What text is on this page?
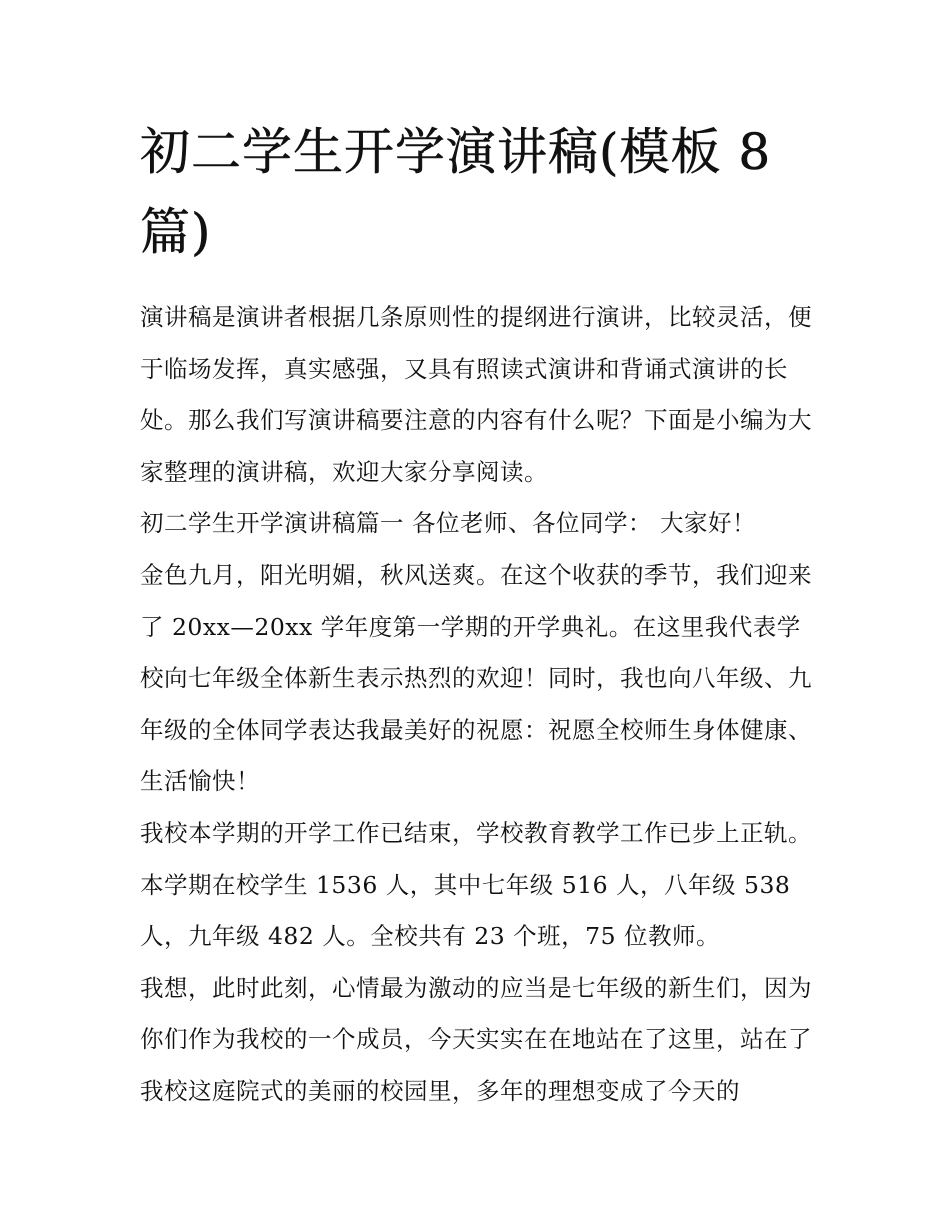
初二学生开学演讲稿(模板 8 篇)

演讲稿是演讲者根据几条原则性的提纲进行演讲，比较灵活，便于临场发挥，真实感强，又具有照读式演讲和背诵式演讲的长处。那么我们写演讲稿要注意的内容有什么呢？下面是小编为大家整理的演讲稿，欢迎大家分享阅读。

初二学生开学演讲稿篇一 各位老师、各位同学： 大家好！

金色九月，阳光明媚，秋风送爽。在这个收获的季节，我们迎来了 20xx—20xx 学年度第一学期的开学典礼。在这里我代表学校向七年级全体新生表示热烈的欢迎！同时，我也向八年级、九年级的全体同学表达我最美好的祝愿：祝愿全校师生身体健康、生活愉快！

我校本学期的开学工作已结束，学校教育教学工作已步上正轨。本学期在校学生 1536 人，其中七年级 516 人，八年级 538 人，九年级 482 人。全校共有 23 个班，75 位教师。

我想，此时此刻，心情最为激动的应当是七年级的新生们，因为你们作为我校的一个成员，今天实实在在地站在了这里，站在了我校这庭院式的美丽的校园里，多年的理想变成了今天的
